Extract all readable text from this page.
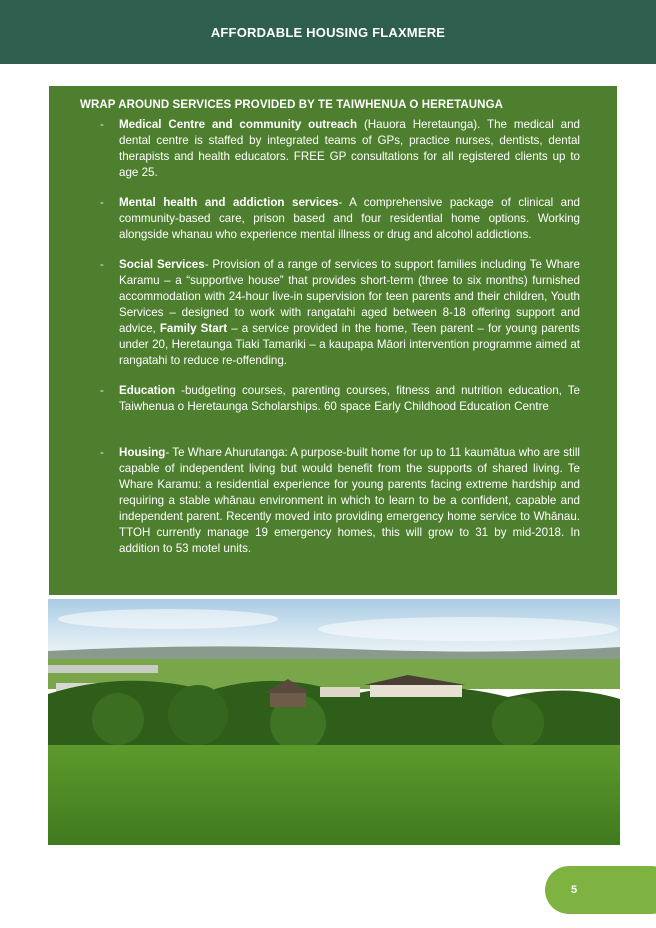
AFFORDABLE HOUSING FLAXMERE
WRAP AROUND SERVICES PROVIDED BY TE TAIWHENUA O HERETAUNGA
- Medical Centre and community outreach (Hauora Heretaunga). The medical and dental centre is staffed by integrated teams of GPs, practice nurses, dentists, dental therapists and health educators. FREE GP consultations for all registered clients up to age 25.
- Mental health and addiction services- A comprehensive package of clinical and community-based care, prison based and four residential home options. Working alongside whanau who experience mental illness or drug and alcohol addictions.
- Social Services- Provision of a range of services to support families including Te Whare Karamu – a “supportive house” that provides short-term (three to six months) furnished accommodation with 24-hour live-in supervision for teen parents and their children, Youth Services – designed to work with rangatahi aged between 8-18 offering support and advice, Family Start – a service provided in the home, Teen parent – for young parents under 20, Heretaunga Tiaki Tamariki – a kaupapa Māori intervention programme aimed at rangatahi to reduce re-offending.
- Education -budgeting courses, parenting courses, fitness and nutrition education, Te Taiwhenua o Heretaunga Scholarships. 60 space Early Childhood Education Centre
- Housing- Te Whare Ahurutanga: A purpose-built home for up to 11 kaumātua who are still capable of independent living but would benefit from the supports of shared living. Te Whare Karamu: a residential experience for young parents facing extreme hardship and requiring a stable whānau environment in which to learn to be a confident, capable and independent parent. Recently moved into providing emergency home service to Whānau. TTOH currently manage 19 emergency homes, this will grow to 31 by mid-2018. In addition to 53 motel units.
5
